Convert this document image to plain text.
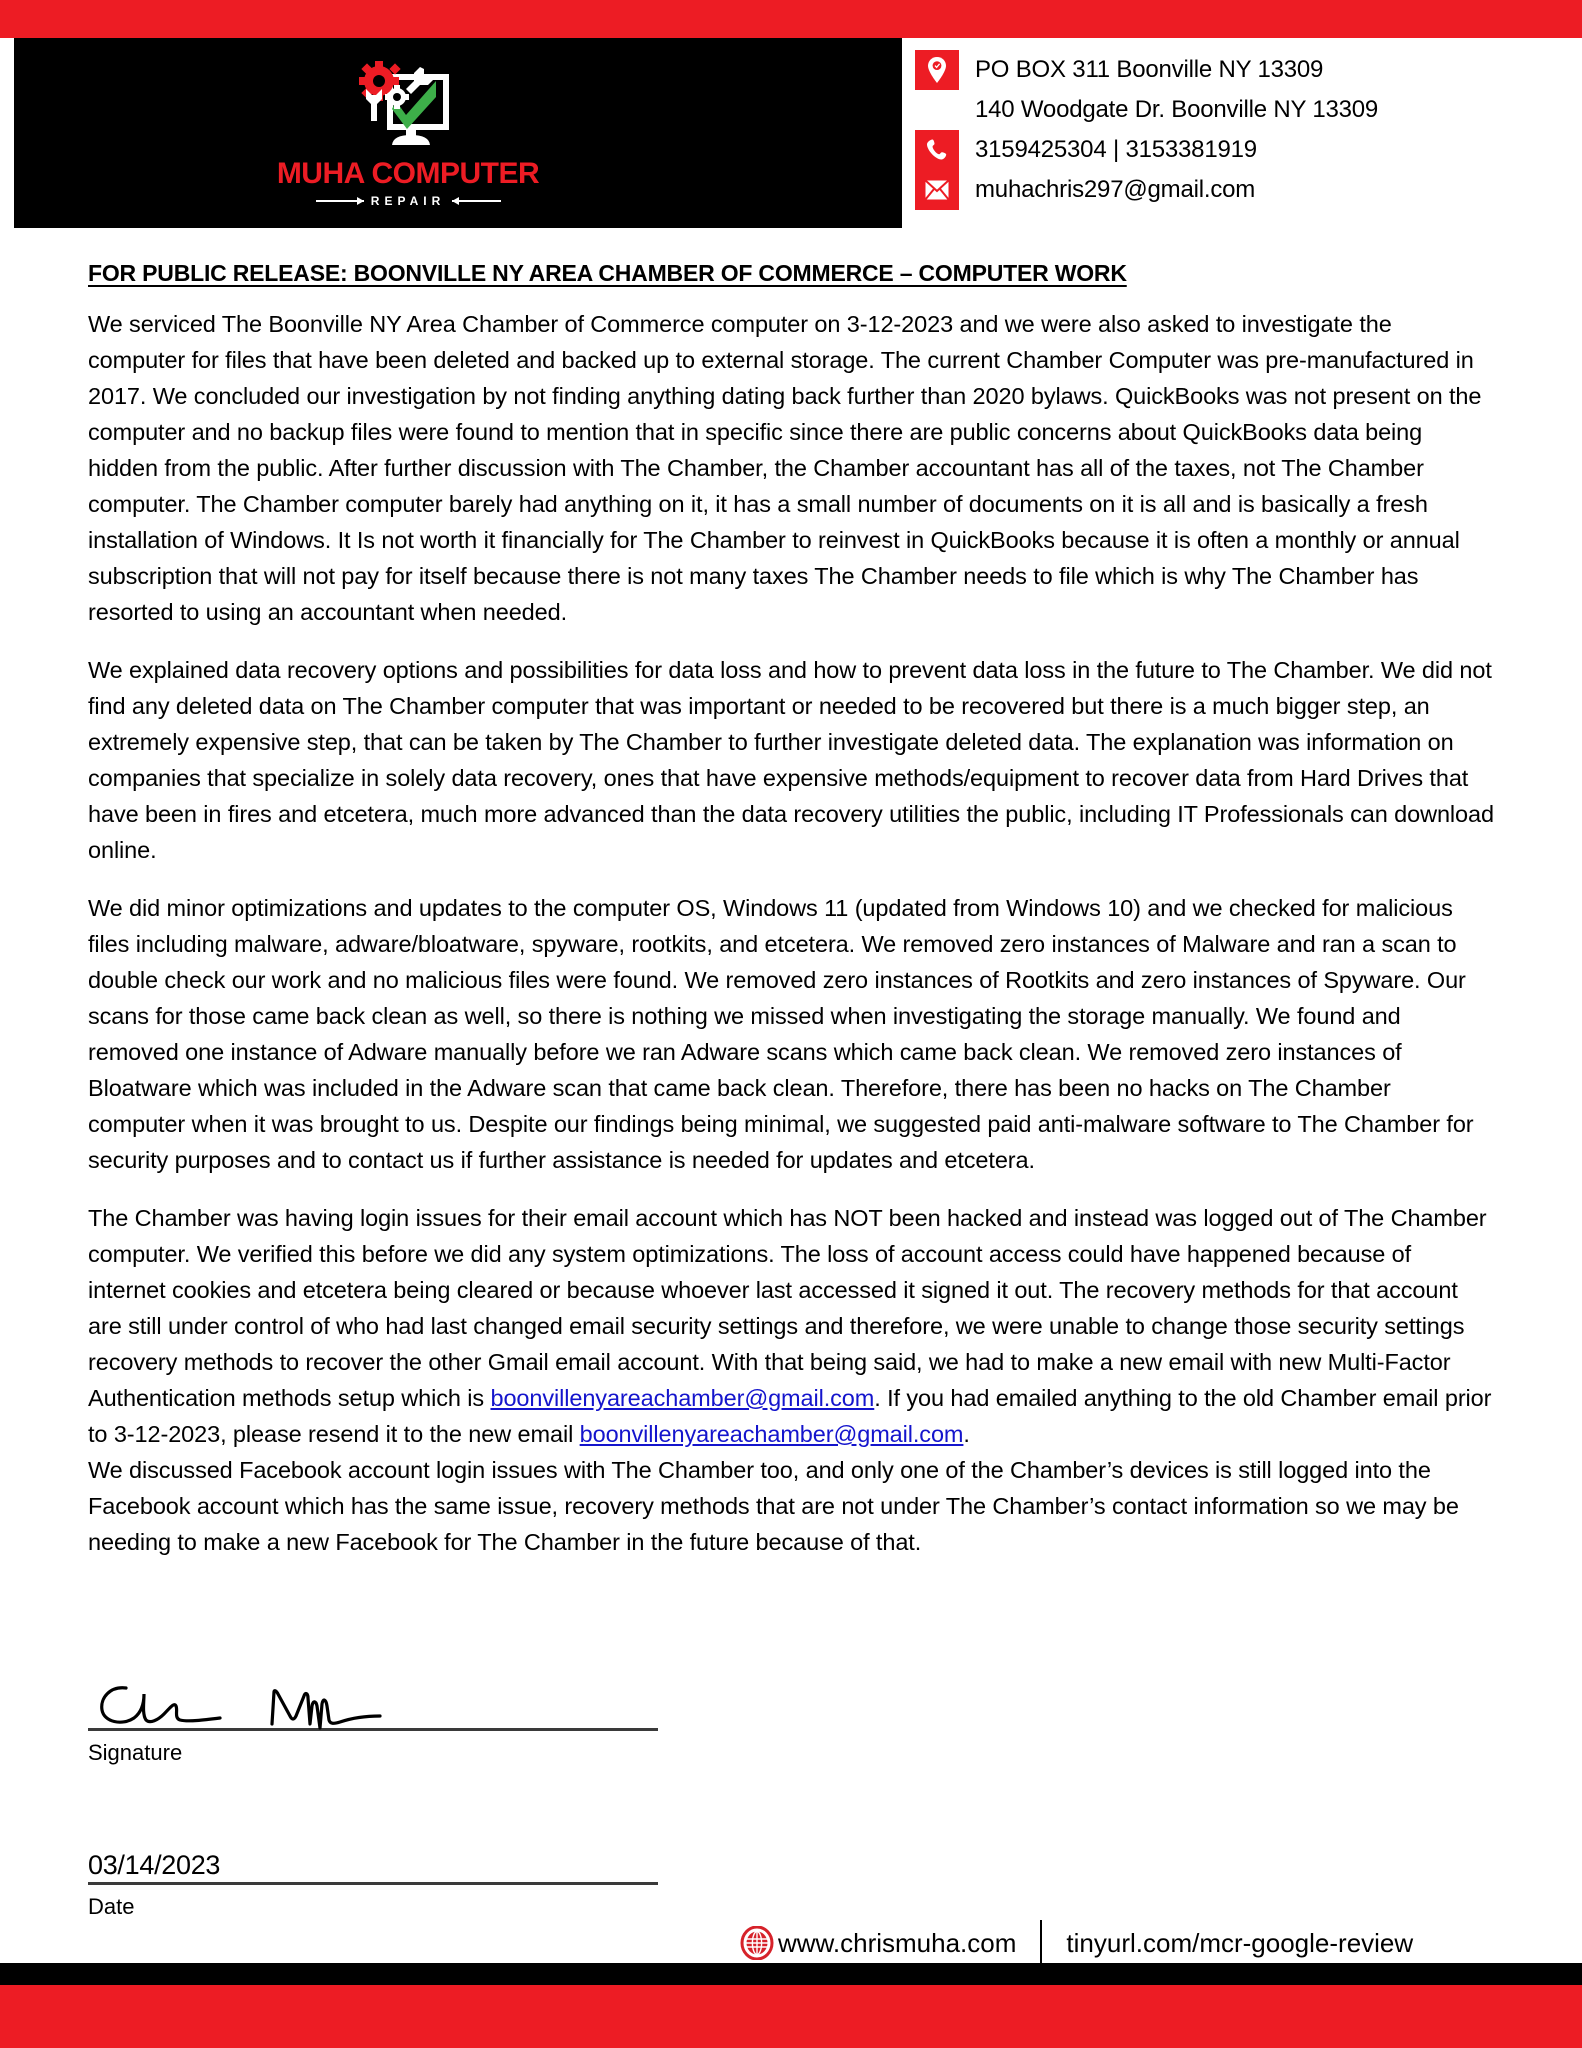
MUHA COMPUTER
REPAIR
PO BOX 311 Boonville NY 13309
140 Woodgate Dr. Boonville NY 13309
3159425304 | 3153381919
muhachris297@gmail.com
FOR PUBLIC RELEASE: BOONVILLE NY AREA CHAMBER OF COMMERCE – COMPUTER WORK

We serviced The Boonville NY Area Chamber of Commerce computer on 3-12-2023 and we were also asked to investigate the computer for files that have been deleted and backed up to external storage. The current Chamber Computer was pre-manufactured in 2017. We concluded our investigation by not finding anything dating back further than 2020 bylaws. QuickBooks was not present on the computer and no backup files were found to mention that in specific since there are public concerns about QuickBooks data being hidden from the public. After further discussion with The Chamber, the Chamber accountant has all of the taxes, not The Chamber computer. The Chamber computer barely had anything on it, it has a small number of documents on it is all and is basically a fresh installation of Windows. It Is not worth it financially for The Chamber to reinvest in QuickBooks because it is often a monthly or annual subscription that will not pay for itself because there is not many taxes The Chamber needs to file which is why The Chamber has resorted to using an accountant when needed.

We explained data recovery options and possibilities for data loss and how to prevent data loss in the future to The Chamber. We did not find any deleted data on The Chamber computer that was important or needed to be recovered but there is a much bigger step, an extremely expensive step, that can be taken by The Chamber to further investigate deleted data. The explanation was information on companies that specialize in solely data recovery, ones that have expensive methods/equipment to recover data from Hard Drives that have been in fires and etcetera, much more advanced than the data recovery utilities the public, including IT Professionals can download online.

We did minor optimizations and updates to the computer OS, Windows 11 (updated from Windows 10) and we checked for malicious files including malware, adware/bloatware, spyware, rootkits, and etcetera. We removed zero instances of Malware and ran a scan to double check our work and no malicious files were found. We removed zero instances of Rootkits and zero instances of Spyware. Our scans for those came back clean as well, so there is nothing we missed when investigating the storage manually. We found and removed one instance of Adware manually before we ran Adware scans which came back clean. We removed zero instances of Bloatware which was included in the Adware scan that came back clean. Therefore, there has been no hacks on The Chamber computer when it was brought to us. Despite our findings being minimal, we suggested paid anti-malware software to The Chamber for security purposes and to contact us if further assistance is needed for updates and etcetera.

The Chamber was having login issues for their email account which has NOT been hacked and instead was logged out of The Chamber computer. We verified this before we did any system optimizations. The loss of account access could have happened because of internet cookies and etcetera being cleared or because whoever last accessed it signed it out. The recovery methods for that account are still under control of who had last changed email security settings and therefore, we were unable to change those security settings recovery methods to recover the other Gmail email account. With that being said, we had to make a new email with new Multi-Factor Authentication methods setup which is boonvillenyareachamber@gmail.com. If you had emailed anything to the old Chamber email prior to 3-12-2023, please resend it to the new email boonvillenyareachamber@gmail.com.

We discussed Facebook account login issues with The Chamber too, and only one of the Chamber’s devices is still logged into the Facebook account which has the same issue, recovery methods that are not under The Chamber’s contact information so we may be needing to make a new Facebook for The Chamber in the future because of that.

Signature
03/14/2023
Date
www.chrismuha.com tinyurl.com/mcr-google-review
